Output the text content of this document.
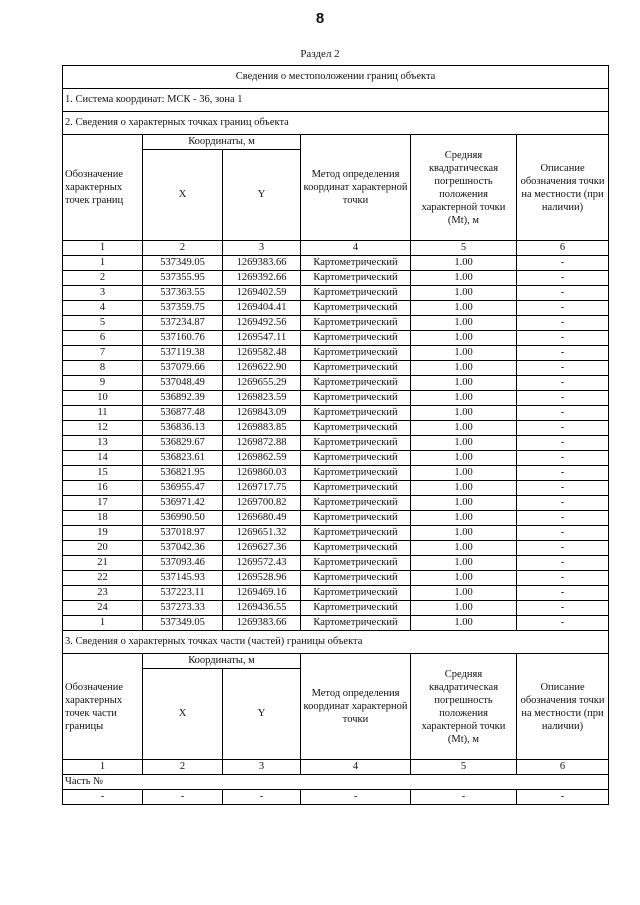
8
Раздел 2
Сведения о местоположении границ объекта					
1. Система координат: МСК - 36, зона 1					
2. Сведения о характерных точках границ объекта					
Обозначение характерных точек границ	Координаты, м		Метод определения координат характерной точки	Средняя квадратическая погрешность положения характерной точки (Mt), м	Описание обозначения точки на местности (при наличии)
	X	Y			
1	2	3	4	5	6
1	537349.05	1269383.66	Картометрический	1.00	-
2	537355.95	1269392.66	Картометрический	1.00	-
3	537363.55	1269402.59	Картометрический	1.00	-
4	537359.75	1269404.41	Картометрический	1.00	-
5	537234.87	1269492.56	Картометрический	1.00	-
6	537160.76	1269547.11	Картометрический	1.00	-
7	537119.38	1269582.48	Картометрический	1.00	-
8	537079.66	1269622.90	Картометрический	1.00	-
9	537048.49	1269655.29	Картометрический	1.00	-
10	536892.39	1269823.59	Картометрический	1.00	-
11	536877.48	1269843.09	Картометрический	1.00	-
12	536836.13	1269883.85	Картометрический	1.00	-
13	536829.67	1269872.88	Картометрический	1.00	-
14	536823.61	1269862.59	Картометрический	1.00	-
15	536821.95	1269860.03	Картометрический	1.00	-
16	536955.47	1269717.75	Картометрический	1.00	-
17	536971.42	1269700.82	Картометрический	1.00	-
18	536990.50	1269680.49	Картометрический	1.00	-
19	537018.97	1269651.32	Картометрический	1.00	-
20	537042.36	1269627.36	Картометрический	1.00	-
21	537093.46	1269572.43	Картометрический	1.00	-
22	537145.93	1269528.96	Картометрический	1.00	-
23	537223.11	1269469.16	Картометрический	1.00	-
24	537273.33	1269436.55	Картометрический	1.00	-
1	537349.05	1269383.66	Картометрический	1.00	-
3. Сведения о характерных точках части (частей) границы объекта					
Обозначение характерных точек части границы	Координаты, м		Метод определения координат характерной точки	Средняя квадратическая погрешность положения характерной точки (Mt), м	Описание обозначения точки на местности (при наличии)
	X	Y			
1	2	3	4	5	6
Часть №					
-	-	-	-	-	-
